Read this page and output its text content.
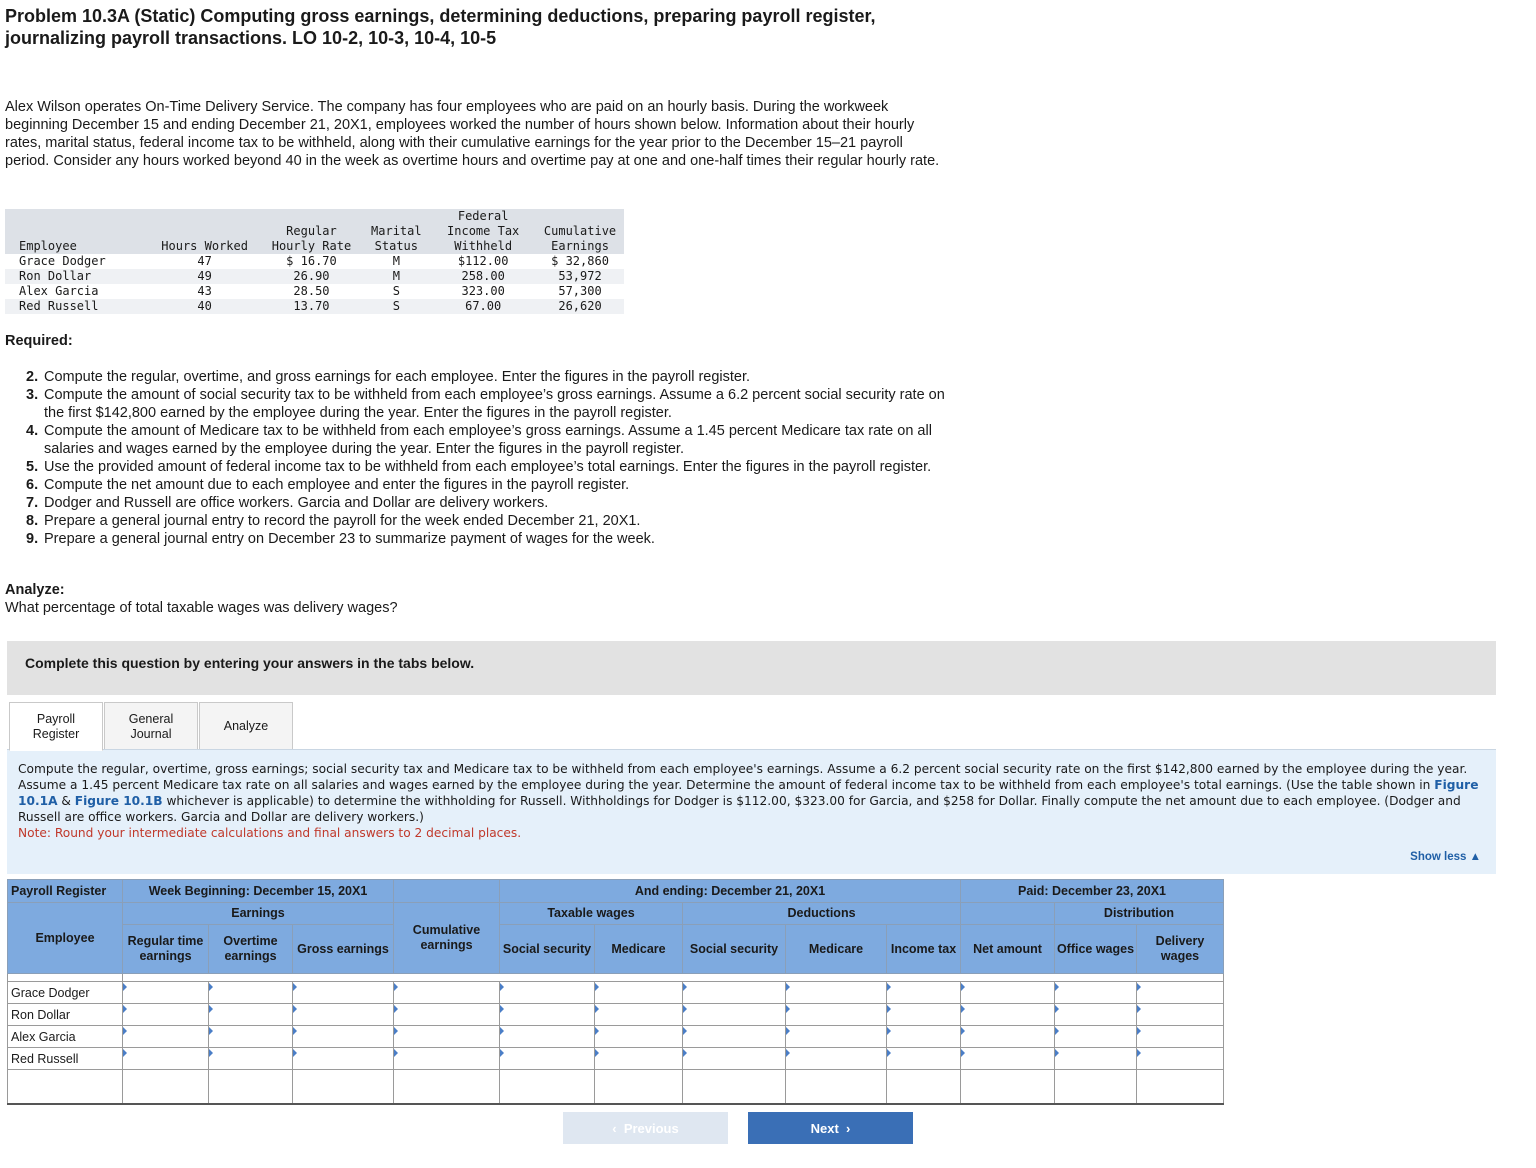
Problem 10.3A (Static) Computing gross earnings, determining deductions, preparing payroll register, journalizing payroll transactions. LO 10-2, 10-3, 10-4, 10-5

Alex Wilson operates On-Time Delivery Service. The company has four employees who are paid on an hourly basis. During the workweek beginning December 15 and ending December 21, 20X1, employees worked the number of hours shown below. Information about their hourly rates, marital status, federal income tax to be withheld, along with their cumulative earnings for the year prior to the December 15–21 payroll period. Consider any hours worked beyond 40 in the week as overtime hours and overtime pay at one and one-half times their regular hourly rate.

Employee	Hours Worked	Regular
Hourly Rate	Marital
Status	Federal
Income Tax
Withheld	Cumulative
Earnings
Grace Dodger	47	$ 16.70	M	$112.00	$ 32,860
Ron Dollar	49	26.90	M	258.00	53,972
Alex Garcia	43	28.50	S	323.00	57,300
Red Russell	40	13.70	S	67.00	26,620
Required:
2. Compute the regular, overtime, and gross earnings for each employee. Enter the figures in the payroll register.
3. Compute the amount of social security tax to be withheld from each employee’s gross earnings. Assume a 6.2 percent social security rate on the first $142,800 earned by the employee during the year. Enter the figures in the payroll register.
4. Compute the amount of Medicare tax to be withheld from each employee’s gross earnings. Assume a 1.45 percent Medicare tax rate on all salaries and wages earned by the employee during the year. Enter the figures in the payroll register.
5. Use the provided amount of federal income tax to be withheld from each employee’s total earnings. Enter the figures in the payroll register.
6. Compute the net amount due to each employee and enter the figures in the payroll register.
7. Dodger and Russell are office workers. Garcia and Dollar are delivery workers.
8. Prepare a general journal entry to record the payroll for the week ended December 21, 20X1.
9. Prepare a general journal entry on December 23 to summarize payment of wages for the week.
Analyze:

What percentage of total taxable wages was delivery wages?

Complete this question by entering your answers in the tabs below.
Payroll
Register
General
Journal
Analyze

Compute the regular, overtime, gross earnings; social security tax and Medicare tax to be withheld from each employee's earnings. Assume a 6.2 percent social security rate on the first $142,800 earned by the employee during the year. Assume a 1.45 percent Medicare tax rate on all salaries and wages earned by the employee during the year. Determine the amount of federal income tax to be withheld from each employee's total earnings. (Use the table shown in Figure 10.1A & Figure 10.1B whichever is applicable) to determine the withholding for Russell. Withholdings for Dodger is $112.00, $323.00 for Garcia, and $258 for Dollar. Finally compute the net amount due to each employee. (Dodger and Russell are office workers. Garcia and Dollar are delivery workers.)
Note: Round your intermediate calculations and final answers to 2 decimal places.

Show less ▲
Payroll Register	Week Beginning: December 15, 20X1				And ending: December 21, 20X1					Paid: December 23, 20X1		
Employee	Earnings			Cumulative earnings	Taxable wages		Deductions				Distribution	
	Regular time earnings	Overtime earnings	Gross earnings		Social security	Medicare	Social security	Medicare	Income tax	Net amount	Office wages	Delivery wages

Grace Dodger												
Ron Dollar												
Alex Garcia												
Red Russell												

‹ Previous	Next ›
